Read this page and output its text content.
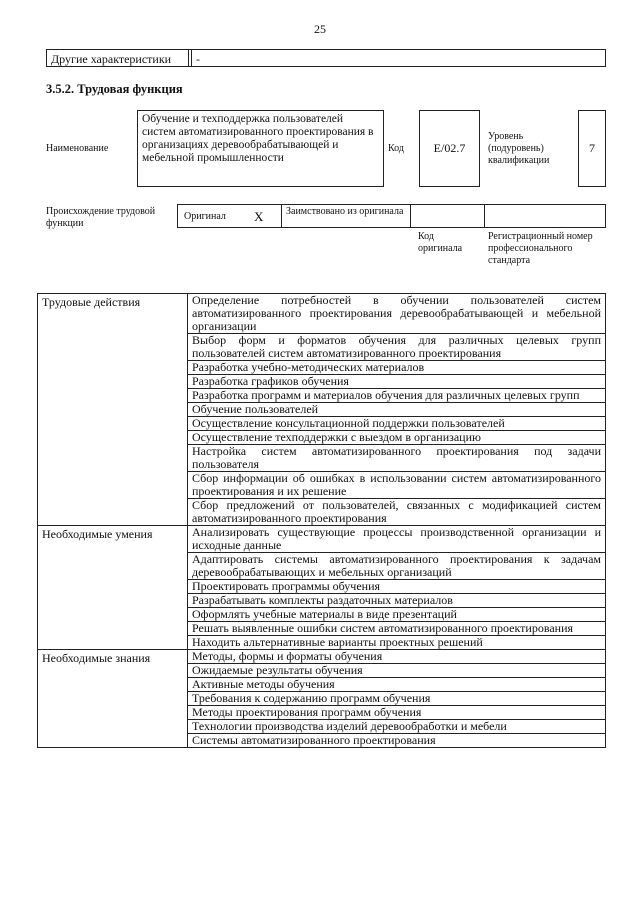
25
Другие характеристики -
3.5.2. Трудовая функция
Наименование
Обучение и техподдержка пользователей систем автоматизированного проектирования в организациях деревообрабатывающей и мебельной промышленности
Код	E/02.7
Уровень (подуровень) квалификации
7
Происхождение трудовой функции
Оригинал X Заимствовано из оригинала
Код оригинала
Регистрационный номер профессионального стандарта
Трудовые действия	Определение потребностей в обучении пользователей систем автоматизированного проектирования деревообрабатывающей и мебельной организации
	Выбор форм и форматов обучения для различных целевых групп пользователей систем автоматизированного проектирования
	Разработка учебно-методических материалов
	Разработка графиков обучения
	Разработка программ и материалов обучения для различных целевых групп
	Обучение пользователей
	Осуществление консультационной поддержки пользователей
	Осуществление техподдержки с выездом в организацию
	Настройка систем автоматизированного проектирования под задачи пользователя
	Сбор информации об ошибках в использовании систем автоматизированного проектирования и их решение
	Сбор предложений от пользователей, связанных с модификацией систем автоматизированного проектирования
Необходимые умения	Анализировать существующие процессы производственной организации и исходные данные
	Адаптировать системы автоматизированного проектирования к задачам деревообрабатывающих и мебельных организаций
	Проектировать программы обучения
	Разрабатывать комплекты раздаточных материалов
	Оформлять учебные материалы в виде презентаций
	Решать выявленные ошибки систем автоматизированного проектирования
	Находить альтернативные варианты проектных решений
Необходимые знания	Методы, формы и форматы обучения
	Ожидаемые результаты обучения
	Активные методы обучения
	Требования к содержанию программ обучения
	Методы проектирования программ обучения
	Технологии производства изделий деревообработки и мебели
	Системы автоматизированного проектирования
